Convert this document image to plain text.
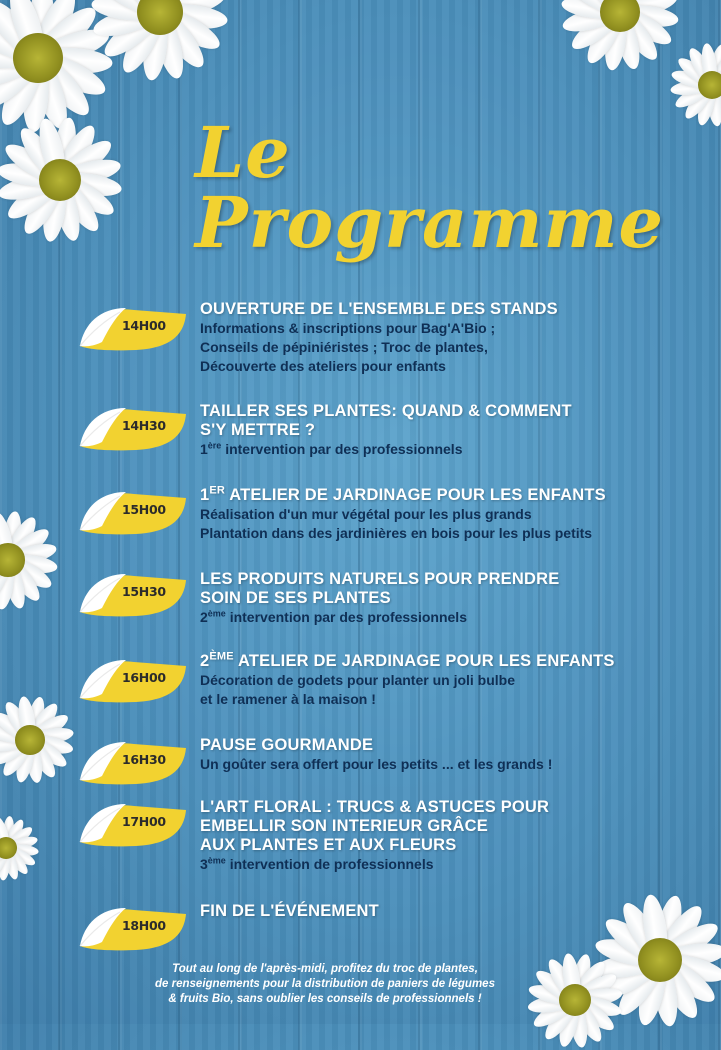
Le Programme
14H00
OUVERTURE DE L'ENSEMBLE DES STANDS
Informations & inscriptions pour Bag'A'Bio ;
Conseils de pépiniéristes ; Troc de plantes,
Découverte des ateliers pour enfants
14H30
TAILLER SES PLANTES: QUAND & COMMENT
S'Y METTRE ?
1ère intervention par des professionnels
15H00
1ER ATELIER DE JARDINAGE POUR LES ENFANTS
Réalisation d'un mur végétal pour les plus grands
Plantation dans des jardinières en bois pour les plus petits
15H30
LES PRODUITS NATURELS POUR PRENDRE
SOIN DE SES PLANTES
2ème intervention par des professionnels
16H00
2ÈME ATELIER DE JARDINAGE POUR LES ENFANTS
Décoration de godets pour planter un joli bulbe
et le ramener à la maison !
16H30
PAUSE GOURMANDE
Un goûter sera offert pour les petits ... et les grands !
17H00
L'ART FLORAL : TRUCS & ASTUCES POUR
EMBELLIR SON INTERIEUR GRÂCE
AUX PLANTES ET AUX FLEURS
3ème intervention de professionnels
18H00
FIN DE L'ÉVÉNEMENT
Tout au long de l'après-midi, profitez du troc de plantes,
de renseignements pour la distribution de paniers de légumes
& fruits Bio, sans oublier les conseils de professionnels !
